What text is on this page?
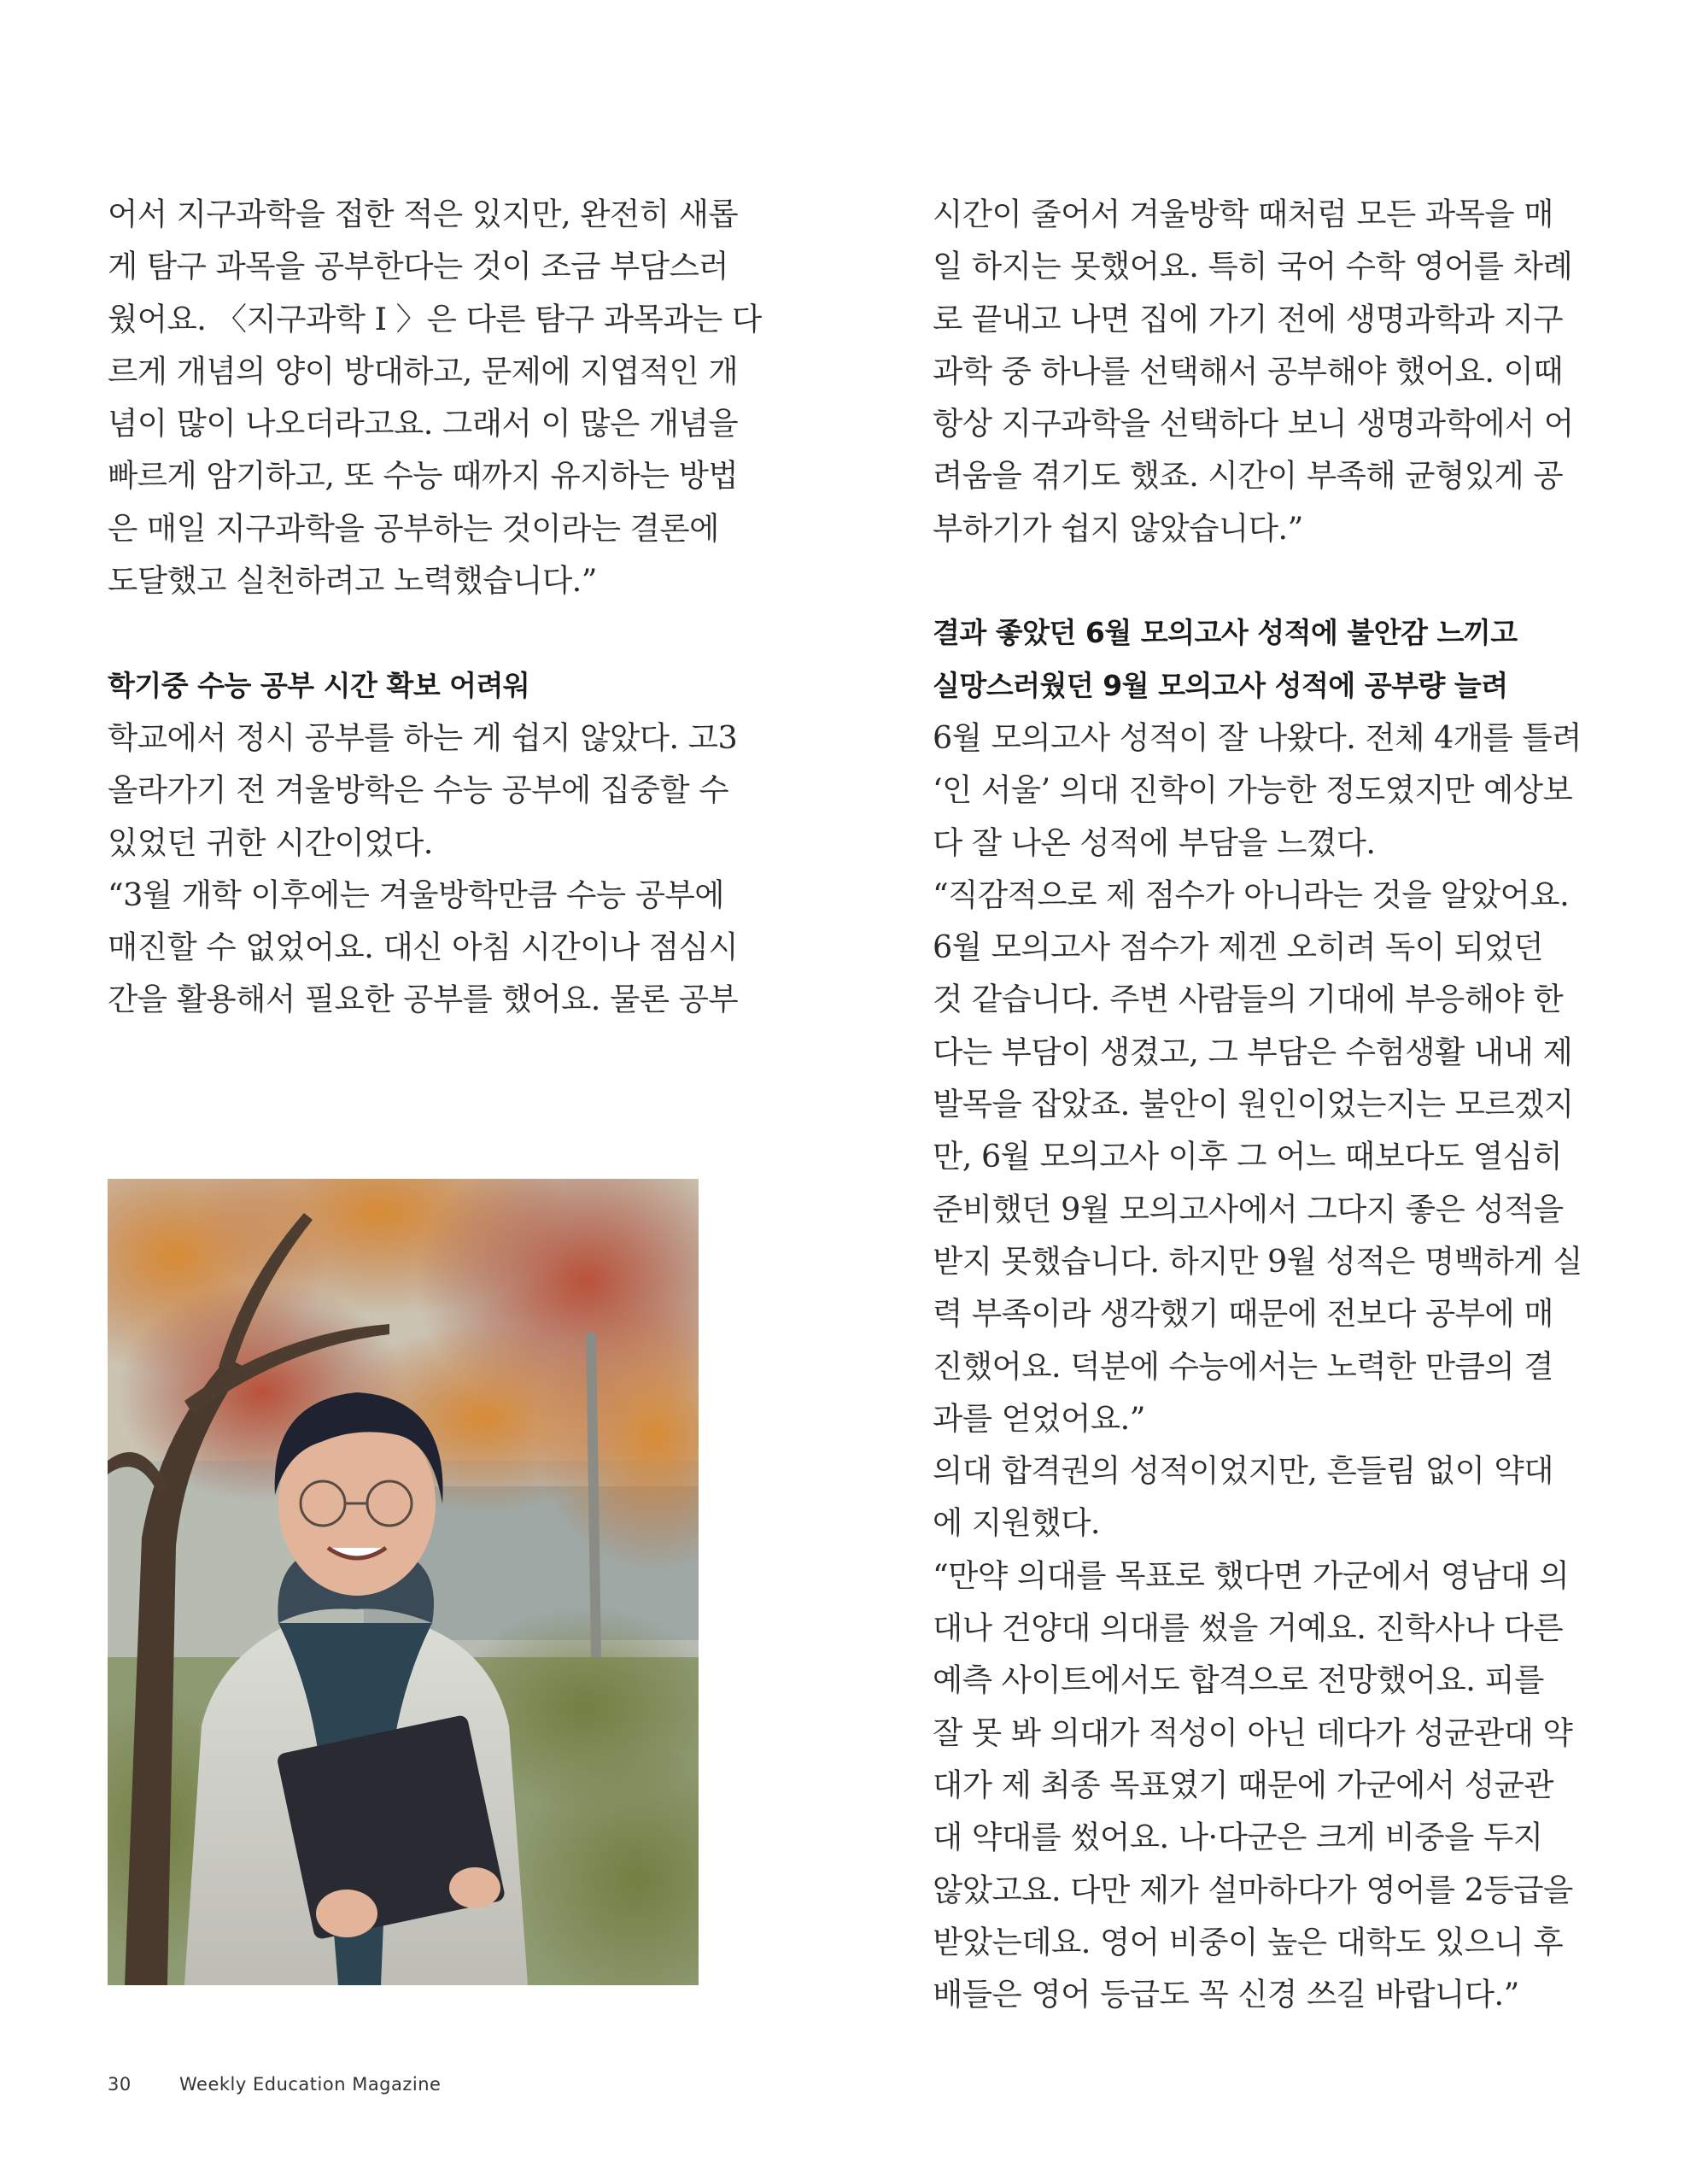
어서 지구과학을 접한 적은 있지만, 완전히 새롭
게 탐구 과목을 공부한다는 것이 조금 부담스러
웠어요. 〈지구과학 I 〉은 다른 탐구 과목과는 다
르게 개념의 양이 방대하고, 문제에 지엽적인 개
념이 많이 나오더라고요. 그래서 이 많은 개념을
빠르게 암기하고, 또 수능 때까지 유지하는 방법
은 매일 지구과학을 공부하는 것이라는 결론에
도달했고 실천하려고 노력했습니다.”
학기중 수능 공부 시간 확보 어려워
학교에서 정시 공부를 하는 게 쉽지 않았다. 고3
올라가기 전 겨울방학은 수능 공부에 집중할 수
있었던 귀한 시간이었다.
“3월 개학 이후에는 겨울방학만큼 수능 공부에
매진할 수 없었어요. 대신 아침 시간이나 점심시
간을 활용해서 필요한 공부를 했어요. 물론 공부
시간이 줄어서 겨울방학 때처럼 모든 과목을 매
일 하지는 못했어요. 특히 국어 수학 영어를 차례
로 끝내고 나면 집에 가기 전에 생명과학과 지구
과학 중 하나를 선택해서 공부해야 했어요. 이때
항상 지구과학을 선택하다 보니 생명과학에서 어
려움을 겪기도 했죠. 시간이 부족해 균형있게 공
부하기가 쉽지 않았습니다.”
결과 좋았던 6월 모의고사 성적에 불안감 느끼고
실망스러웠던 9월 모의고사 성적에 공부량 늘려
6월 모의고사 성적이 잘 나왔다. 전체 4개를 틀려
‘인 서울’ 의대 진학이 가능한 정도였지만 예상보
다 잘 나온 성적에 부담을 느꼈다.
“직감적으로 제 점수가 아니라는 것을 알았어요.
6월 모의고사 점수가 제겐 오히려 독이 되었던
것 같습니다. 주변 사람들의 기대에 부응해야 한
다는 부담이 생겼고, 그 부담은 수험생활 내내 제
발목을 잡았죠. 불안이 원인이었는지는 모르겠지
만, 6월 모의고사 이후 그 어느 때보다도 열심히
준비했던 9월 모의고사에서 그다지 좋은 성적을
받지 못했습니다. 하지만 9월 성적은 명백하게 실
력 부족이라 생각했기 때문에 전보다 공부에 매
진했어요. 덕분에 수능에서는 노력한 만큼의 결
과를 얻었어요.”
의대 합격권의 성적이었지만, 흔들림 없이 약대
에 지원했다.
“만약 의대를 목표로 했다면 가군에서 영남대 의
대나 건양대 의대를 썼을 거예요. 진학사나 다른
예측 사이트에서도 합격으로 전망했어요. 피를
잘 못 봐 의대가 적성이 아닌 데다가 성균관대 약
대가 제 최종 목표였기 때문에 가군에서 성균관
대 약대를 썼어요. 나·다군은 크게 비중을 두지
않았고요. 다만 제가 설마하다가 영어를 2등급을
받았는데요. 영어 비중이 높은 대학도 있으니 후
배들은 영어 등급도 꼭 신경 쓰길 바랍니다.”
30	Weekly Education Magazine
